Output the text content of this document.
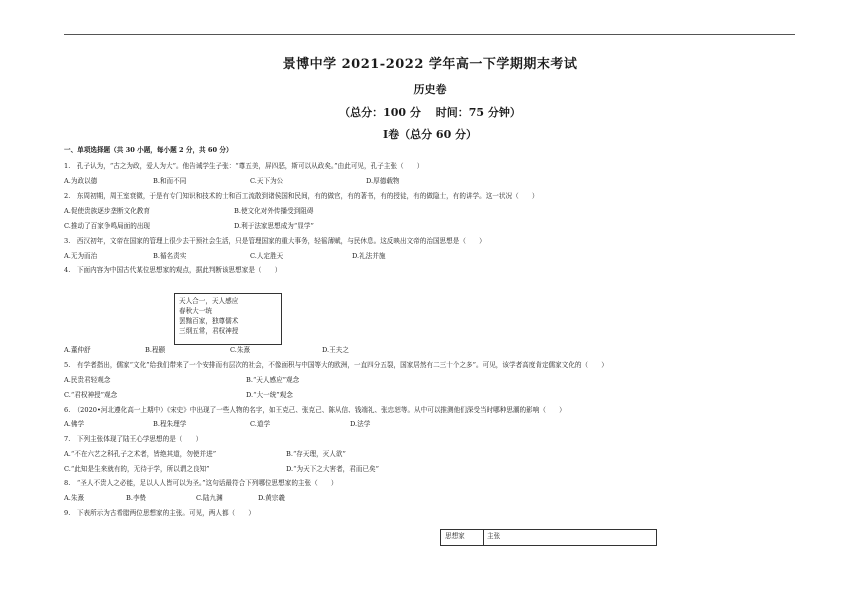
景博中学 2021-2022 学年高一下学期期末考试
历史卷
（总分：100 分　 时间：75 分钟）
Ⅰ卷（总分 60 分）
一、单项选择题（共 30 小题，每小题 2 分，共 60 分）
1.　孔子认为，“古之为政，爱人为大”。他告诫学生子张：“尊五美，屏四恶，斯可以从政矣。”由此可见，孔子主张（　　）
A.为政以德	B.和而不同	C.天下为公	D.厚德载物
2.　东周初期，周王室衰微，于是有专门知识和技术的士和百工流散到诸侯国和民间，有的做官，有的著书，有的授徒，有的做隐士，有的讲学。这一状况（　　）
A.促使贵族逐步垄断文化教育	B.使文化对外传播受到阻碍
C.推动了百家争鸣局面的出现	D.利于法家思想成为“显学”
3.　西汉初年，文帝在国家的管理上很少去干预社会生活，只是管理国家的重大事务，轻徭薄赋，与民休息。这反映出文帝的治国思想是（　　）
A.无为而治	B.循名责实	C.人定胜天	D.礼法并施
4.　下面内容为中国古代某位思想家的观点，据此判断该思想家是（　　）
天人合一，天人感应
春秋大一统
罢黜百家，独尊儒术
三纲五常，君权神授
A.董仲舒	B.程颢	C.朱熹	D.王夫之
5.　有学者指出，儒家“文化”给我们带来了一个安排而有层次的社会，不像面积与中国等大的欧洲，一直四分五裂，国家居然有二三十个之多”。可见，该学者高度肯定儒家文化的（　　）
A.民贵君轻观念	B.“天人感应”观念
C.“君权神授”观念	D.“大一统”观念
6.　（2020•河北遵化高一上期中）《宋史》中出现了一些人物的名字，如王克己、张克己、陈从信、钱端礼、张忠恕等。从中可以推测他们深受当时哪种思潮的影响（　　）
A.佛学	B.程朱理学	C.道学	D.法学
7.　下列主张体现了陆王心学思想的是（　　）
A.“不在六艺之科孔子之术者，皆绝其道，勿使并进”	B.“存天理，灭人欲”
C.“此知是生来就有的，无待于学，所以谓之良知”	D.“为天下之大害者，君而已矣”
8.　“圣人不贵人之必能，足以人人皆可以为圣。”这句话最符合下列哪位思想家的主张（　　）
A.朱熹	B.李贽	C.陆九渊	D.黄宗羲
9.　下表所示为古希腊两位思想家的主张。可见，两人都（　　）
思想家	主张
